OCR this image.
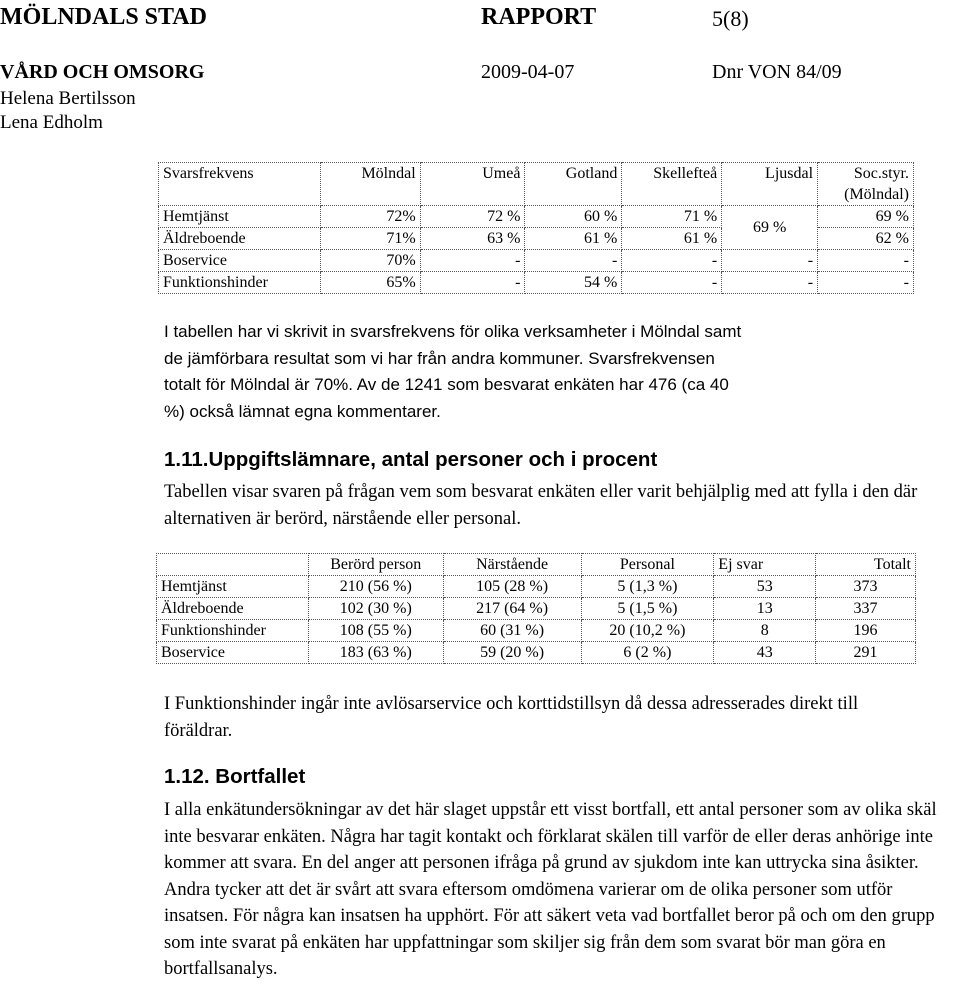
MÖLNDALS STAD	RAPPORT	5(8)
VÅRD OCH OMSORG	2009-04-07	Dnr VON 84/09
Helena Bertilsson
Lena Edholm
Svarsfrekvens	Mölndal	Umeå	Gotland	Skellefteå	Ljusdal	Soc.styr.
(Mölndal)

Hemtjänst	72%	72 %	60 %	71 %	69 %	69 %
Äldreboende	71%	63 %	61 %	61 %		62 %
Boservice	70%	-	-	-	-	-
Funktionshinder	65%	-	54 %	-	-	-
I tabellen har vi skrivit in svarsfrekvens för olika verksamheter i Mölndal samt de jämförbara resultat som vi har från andra kommuner. Svarsfrekvensen totalt för Mölndal är 70%. Av de 1241 som besvarat enkäten har 476 (ca 40 %) också lämnat egna kommentarer.
1.11.Uppgiftslämnare, antal personer och i procent
Tabellen visar svaren på frågan vem som besvarat enkäten eller varit behjälplig med att fylla i den där alternativen är berörd, närstående eller personal.
	Berörd person	Närstående	Personal	Ej svar	Totalt
Hemtjänst	210 (56 %)	105 (28 %)	5 (1,3 %)	53	373
Äldreboende	102 (30 %)	217 (64 %)	5 (1,5 %)	13	337
Funktionshinder	108 (55 %)	60 (31 %)	20 (10,2 %)	8	196
Boservice	183 (63 %)	59 (20 %)	6 (2 %)	43	291
I Funktionshinder ingår inte avlösarservice och korttidstillsyn då dessa adresserades direkt till föräldrar.
1.12. Bortfallet
I alla enkätundersökningar av det här slaget uppstår ett visst bortfall, ett antal personer som av olika skäl inte besvarar enkäten. Några har tagit kontakt och förklarat skälen till varför de eller deras anhörige inte kommer att svara. En del anger att personen ifråga på grund av sjukdom inte kan uttrycka sina åsikter. Andra tycker att det är svårt att svara eftersom omdömena varierar om de olika personer som utför insatsen. För några kan insatsen ha upphört. För att säkert veta vad bortfallet beror på och om den grupp som inte svarat på enkäten har uppfattningar som skiljer sig från dem som svarat bör man göra en bortfallsanalys.
